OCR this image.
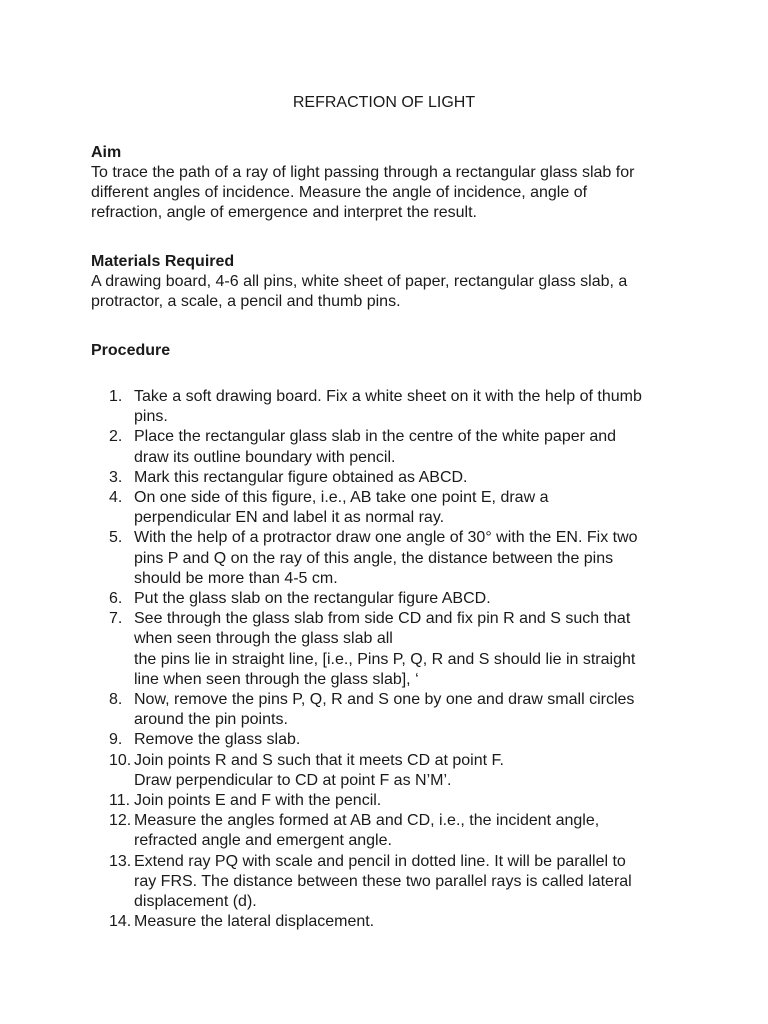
REFRACTION OF LIGHT
Aim

To trace the path of a ray of light passing through a rectangular glass slab for
different angles of incidence. Measure the angle of incidence, angle of
refraction, angle of emergence and interpret the result.

Materials Required

A drawing board, 4-6 all pins, white sheet of paper, rectangular glass slab, a
protractor, a scale, a pencil and thumb pins.

Procedure
1. Take a soft drawing board. Fix a white sheet on it with the help of thumb
pins.
2. Place the rectangular glass slab in the centre of the white paper and
draw its outline boundary with pencil.
3. Mark this rectangular figure obtained as ABCD.
4. On one side of this figure, i.e., AB take one point E, draw a
perpendicular EN and label it as normal ray.
5. With the help of a protractor draw one angle of 30° with the EN. Fix two
pins P and Q on the ray of this angle, the distance between the pins
should be more than 4-5 cm.
6. Put the glass slab on the rectangular figure ABCD.
7. See through the glass slab from side CD and fix pin R and S such that
when seen through the glass slab all
the pins lie in straight line, [i.e., Pins P, Q, R and S should lie in straight
line when seen through the glass slab], ‘
8. Now, remove the pins P, Q, R and S one by one and draw small circles
around the pin points.
9. Remove the glass slab.
10. Join points R and S such that it meets CD at point F.
Draw perpendicular to CD at point F as N’M’.
11. Join points E and F with the pencil.
12. Measure the angles formed at AB and CD, i.e., the incident angle,
refracted angle and emergent angle.
13. Extend ray PQ with scale and pencil in dotted line. It will be parallel to
ray FRS. The distance between these two parallel rays is called lateral
displacement (d).
14. Measure the lateral displacement.
